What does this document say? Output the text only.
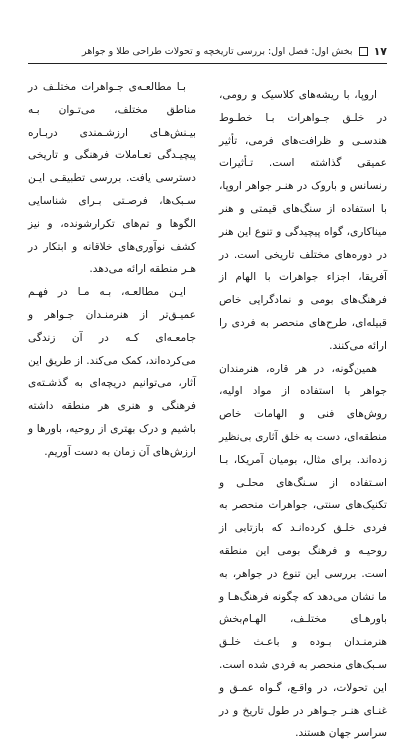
۱۷
بخش اول: فصل اول: بررسی تاریخچه و تحولات طراحی طلا و جواهر

اروپا، با ریشه‌های کلاسیک و رومی، در خلـق جـواهرات بـا خطـوط هندسـی و ظرافت‌های فرمی، تأثیر عمیقی گذاشته است. تـأثیرات رنسانس و باروک در هنـر جواهر اروپا، با استفاده از سنگ‌های قیمتی و هنر میناکاری، گواه پیچیدگی و تنوع این هنر در دوره‌های مختلف تاریخی است. در آفریقا، اجزاء جواهرات با الهام از فرهنگ‌های بومی و نمادگرایی خاص قبیله‌ای، طرح‌های منحصر به فردی را ارائه می‌کنند.

همین‌گونه، در هر قاره، هنرمندان جواهر با استفاده از مواد اولیه، روش‌های فنی و الهامات خاص منطقه‌ای، دست به خلق آثاری بی‌نظیر زده‌اند. برای مثال، بومیان آمریکا، بـا اسـتفاده از سـنگ‌های محلـی و تکنیک‌های سنتی، جواهرات منحصر به فردی خلـق کرده‌انـد که بازتابی از روحیـه و فرهنگ بومی این منطقه است. بررسی این تنوع در جواهر، به ما نشان می‌دهد که چگونه فرهنگ‌هـا و باورهـای مختلـف، الهـام‌بخش هنرمنـدان بـوده و باعـث خلـق سـبک‌های منحصر به فردی شده است. این تحولات، در واقـع، گـواه عمـق و غنـای هنـر جـواهر در طول تاریخ و در سراسر جهان هستند.

بـا مطالعـه‌ی جـواهرات مختلـف در مناطق مختلف، می‌تـوان بـه بیـنش‌هـای ارزشـمندی دربـاره پیچیـدگی تعـاملات فرهنگی و تاریخی دسترسی یافت. بررسی تطبیقـی ایـن سـبک‌ها، فرصـتی بـرای شناسایی الگوها و تم‌های تکرارشونده، و نیز کشف نوآوری‌های خلاقانه و ابتکار در هـر منطقه ارائه می‌دهد.

ایـن مطالعـه، بـه مـا در فهـم عمیـق‌تر از هنرمنـدان جـواهر و جامعـه‌ای کـه در آن زندگی می‌کرده‌اند، کمک می‌کند. از طریق این آثار، می‌توانیم دریچه‌ای به گذشـته‌ی فرهنگی و هنری هر منطقه داشته باشیم و درک بهتری از روحیه، باورها و ارزش‌های آن زمان به دست آوریم.
